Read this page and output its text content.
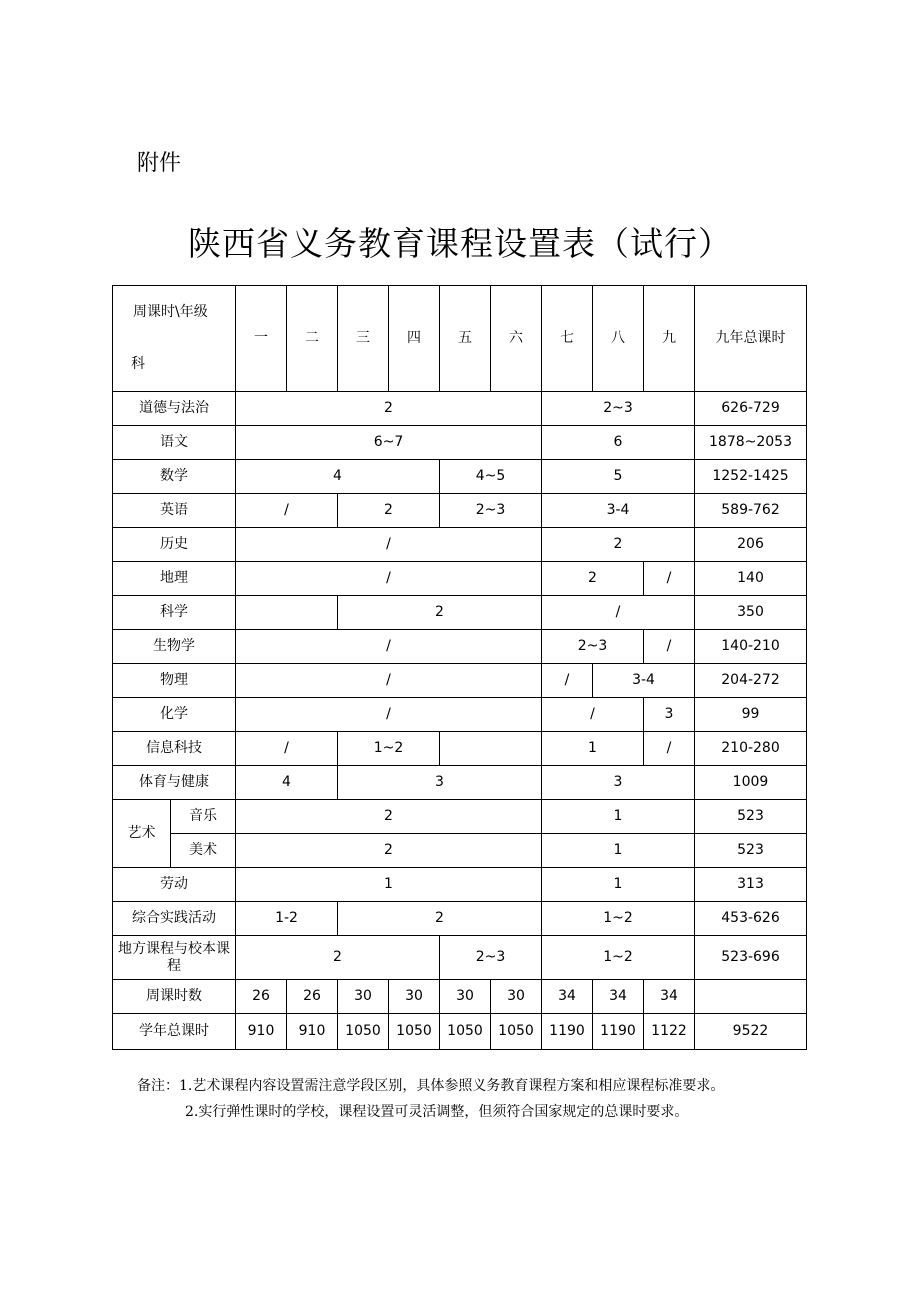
附件
陕西省义务教育课程设置表（试行）
周课时\年级
科		一	二	三	四	五	六	七	八	九	九年总课时
道德与法治		2						2~3			626-729
语文		6~7						6			1878~2053
数学		4				4~5		5			1252-1425
英语		/		2		2~3		3-4			589-762
历史		/						2			206
地理		/						2		/	140
科学				2				/			350
生物学		/						2~3		/	140-210
物理		/						/	3-4		204-272
化学		/						/		3	99
信息科技		/		1~2				1		/	210-280
体育与健康		4		3				3			1009
艺术	音乐	2						1			523
	美术	2						1			523
劳动		1						1			313
综合实践活动		1-2		2				1~2			453-626
地方课程与校本课程		2				2~3		1~2			523-696
周课时数		26	26	30	30	30	30	34	34	34	
学年总课时		910	910	1050	1050	1050	1050	1190	1190	1122	9522
备注：1.艺术课程内容设置需注意学段区别，具体参照义务教育课程方案和相应课程标准要求。
2.实行弹性课时的学校，课程设置可灵活调整，但须符合国家规定的总课时要求。
